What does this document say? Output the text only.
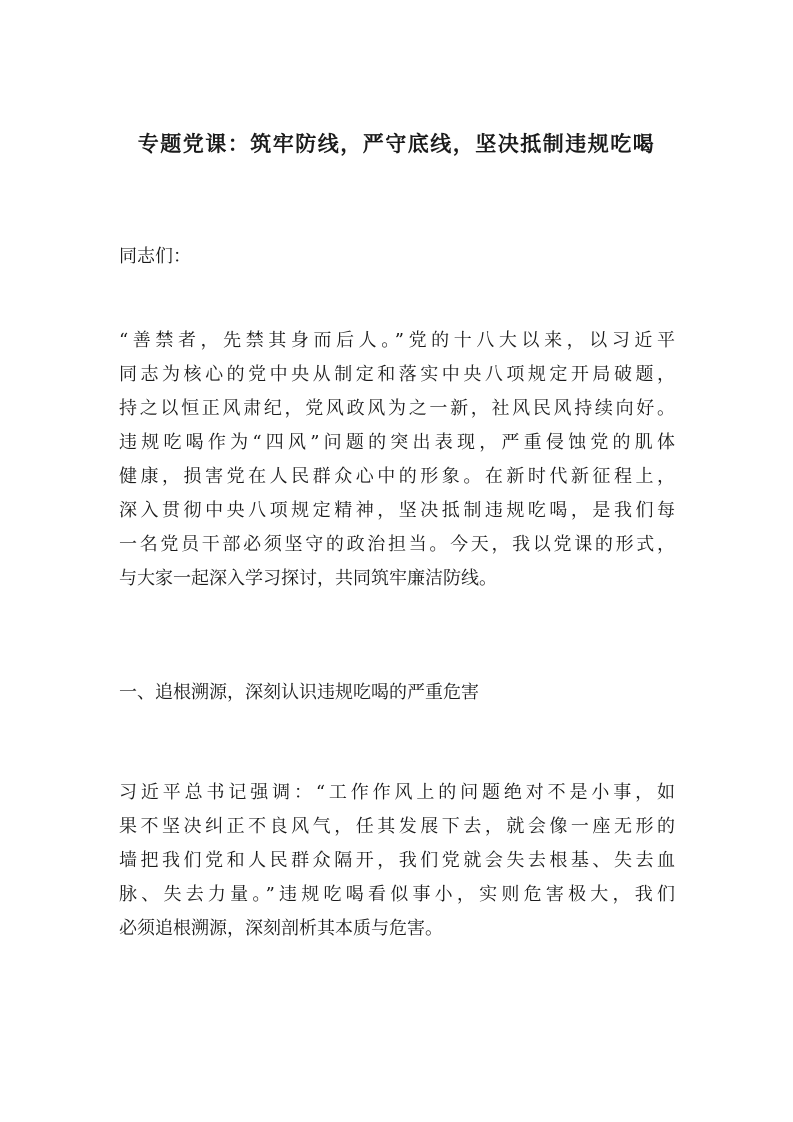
专题党课：筑牢防线，严守底线，坚决抵制违规吃喝

同志们：

“善禁者，先禁其身而后人。”党的十八大以来，以习近平
同志为核心的党中央从制定和落实中央八项规定开局破题，
持之以恒正风肃纪，党风政风为之一新，社风民风持续向好。
违规吃喝作为“四风”问题的突出表现，严重侵蚀党的肌体
健康，损害党在人民群众心中的形象。在新时代新征程上，
深入贯彻中央八项规定精神，坚决抵制违规吃喝，是我们每
一名党员干部必须坚守的政治担当。今天，我以党课的形式，
与大家一起深入学习探讨，共同筑牢廉洁防线。

一、追根溯源，深刻认识违规吃喝的严重危害

习近平总书记强调：“工作作风上的问题绝对不是小事，如
果不坚决纠正不良风气，任其发展下去，就会像一座无形的
墙把我们党和人民群众隔开，我们党就会失去根基、失去血
脉、失去力量。”违规吃喝看似事小，实则危害极大，我们
必须追根溯源，深刻剖析其本质与危害。
